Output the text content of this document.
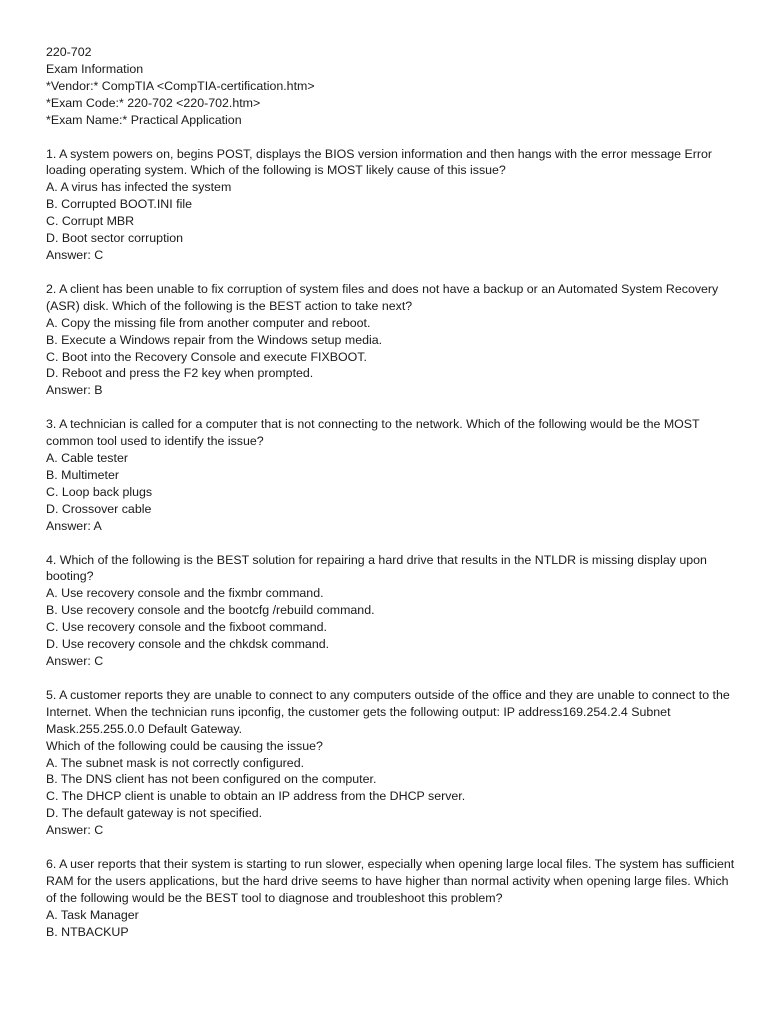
220-702
Exam Information
*Vendor:* CompTIA <CompTIA-certification.htm>
*Exam Code:* 220-702 <220-702.htm>
*Exam Name:* Practical Application
1. A system powers on, begins POST, displays the BIOS version information and then hangs with the error message Error loading operating system. Which of the following is MOST likely cause of this issue?
A. A virus has infected the system
B. Corrupted BOOT.INI file
C. Corrupt MBR
D. Boot sector corruption
Answer: C
2. A client has been unable to fix corruption of system files and does not have a backup or an Automated System Recovery (ASR) disk. Which of the following is the BEST action to take next?
A. Copy the missing file from another computer and reboot.
B. Execute a Windows repair from the Windows setup media.
C. Boot into the Recovery Console and execute FIXBOOT.
D. Reboot and press the F2 key when prompted.
Answer: B
3. A technician is called for a computer that is not connecting to the network. Which of the following would be the MOST common tool used to identify the issue?
A. Cable tester
B. Multimeter
C. Loop back plugs
D. Crossover cable
Answer: A
4. Which of the following is the BEST solution for repairing a hard drive that results in the NTLDR is missing display upon booting?
A. Use recovery console and the fixmbr command.
B. Use recovery console and the bootcfg /rebuild command.
C. Use recovery console and the fixboot command.
D. Use recovery console and the chkdsk command.
Answer: C
5. A customer reports they are unable to connect to any computers outside of the office and they are unable to connect to the Internet. When the technician runs ipconfig, the customer gets the following output: IP address169.254.2.4 Subnet Mask.255.255.0.0 Default Gateway.
Which of the following could be causing the issue?
A. The subnet mask is not correctly configured.
B. The DNS client has not been configured on the computer.
C. The DHCP client is unable to obtain an IP address from the DHCP server.
D. The default gateway is not specified.
Answer: C
6. A user reports that their system is starting to run slower, especially when opening large local files. The system has sufficient RAM for the users applications, but the hard drive seems to have higher than normal activity when opening large files. Which of the following would be the BEST tool to diagnose and troubleshoot this problem?
A. Task Manager
B. NTBACKUP
